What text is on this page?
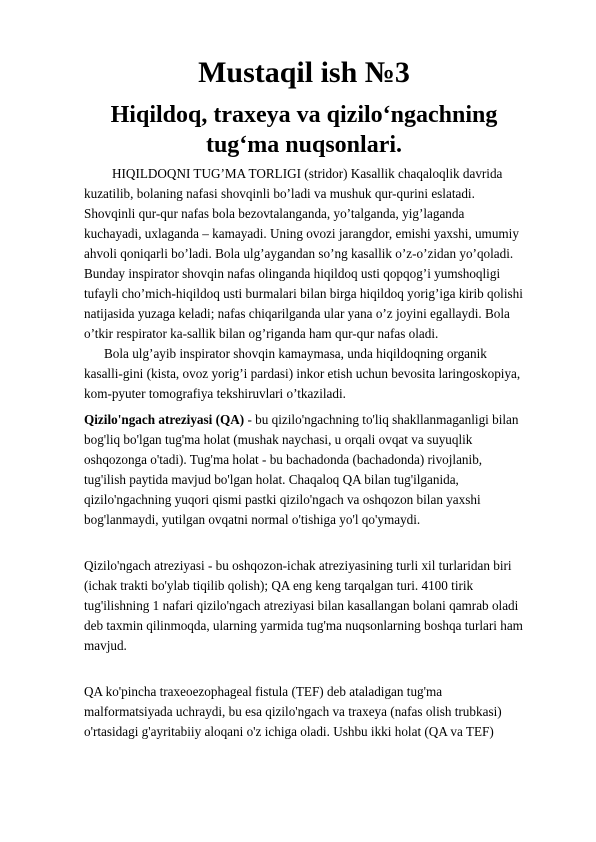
Mustaqil ish №3
Hiqildoq, traxeya va qizilo‘ngachning
tug‘ma nuqsonlari.

HIQILDOQNI TUG’MA TORLIGI (stridor) Kasallik chaqaloqlik davrida kuzatilib, bolaning nafasi shovqinli bo’ladi va mushuk qur-qurini eslatadi. Shovqinli qur-qur nafas bola bezovtalanganda, yo’talganda, yig’laganda kuchayadi, uxlaganda – kamayadi. Uning ovozi jarangdor, emishi yaxshi, umumiy ahvoli qoniqarli bo’ladi. Bola ulg’aygandan so’ng kasallik o’z-o’zidan yo’qoladi. Bunday inspirator shovqin nafas olinganda hiqildoq usti qopqog’i yumshoqligi tufayli cho’mich-hiqildoq usti burmalari bilan birga hiqildoq yorig’iga kirib qolishi natijasida yuzaga keladi; nafas chiqarilganda ular yana o’z joyini egallaydi. Bola o’tkir respirator ka-sallik bilan og’riganda ham qur-qur nafas oladi.

Bola ulg’ayib inspirator shovqin kamaymasa, unda hiqildoqning organik kasalli-gini (kista, ovoz yorig’i pardasi) inkor etish uchun bevosita laringoskopiya, kom-pyuter tomografiya tekshiruvlari o’tkaziladi.

Qizilo'ngach atreziyasi (QA) - bu qizilo'ngachning to'liq shakllanmaganligi bilan bog'liq bo'lgan tug'ma holat (mushak naychasi, u orqali ovqat va suyuqlik oshqozonga o'tadi). Tug'ma holat - bu bachadonda (bachadonda) rivojlanib, tug'ilish paytida mavjud bo'lgan holat. Chaqaloq QA bilan tug'ilganida, qizilo'ngachning yuqori qismi pastki qizilo'ngach va oshqozon bilan yaxshi bog'lanmaydi, yutilgan ovqatni normal o'tishiga yo'l qo'ymaydi.

Qizilo'ngach atreziyasi - bu oshqozon-ichak atreziyasining turli xil turlaridan biri (ichak trakti bo'ylab tiqilib qolish); QA eng keng tarqalgan turi. 4100 tirik tug'ilishning 1 nafari qizilo'ngach atreziyasi bilan kasallangan bolani qamrab oladi deb taxmin qilinmoqda, ularning yarmida tug'ma nuqsonlarning boshqa turlari ham mavjud.

QA ko'pincha traxeoezophageal fistula (TEF) deb ataladigan tug'ma malformatsiyada uchraydi, bu esa qizilo'ngach va traxeya (nafas olish trubkasi) o'rtasidagi g'ayritabiiy aloqani o'z ichiga oladi. Ushbu ikki holat (QA va TEF)
